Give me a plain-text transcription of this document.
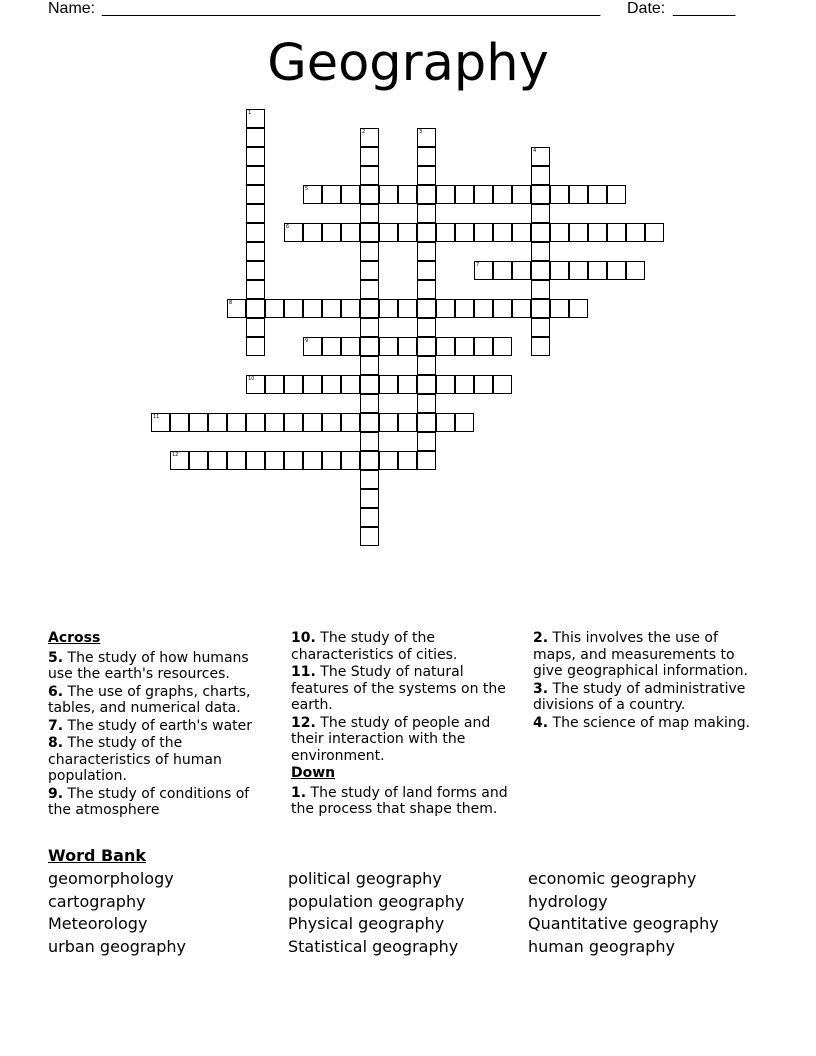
Name: ________________________________________________________	Date: _______
Geography
1
2	3
4
5
6
7
8
9
10
11
12
Across
5. The study of how humans use the earth's resources.
6. The use of graphs, charts, tables, and numerical data.
7. The study of earth's water
8. The study of the characteristics of human population.
9. The study of conditions of the atmosphere
10. The study of the characteristics of cities.
11. The Study of natural features of the systems on the earth.
12. The study of people and their interaction with the environment.
Down
1. The study of land forms and the process that shape them.
2. This involves the use of maps, and measurements to give geographical information.
3. The study of administrative divisions of a country.
4. The science of map making.
Word Bank
geomorphology
cartography
Meteorology
urban geography
political geography
population geography
Physical geography
Statistical geography
economic geography
hydrology
Quantitative geography
human geography
